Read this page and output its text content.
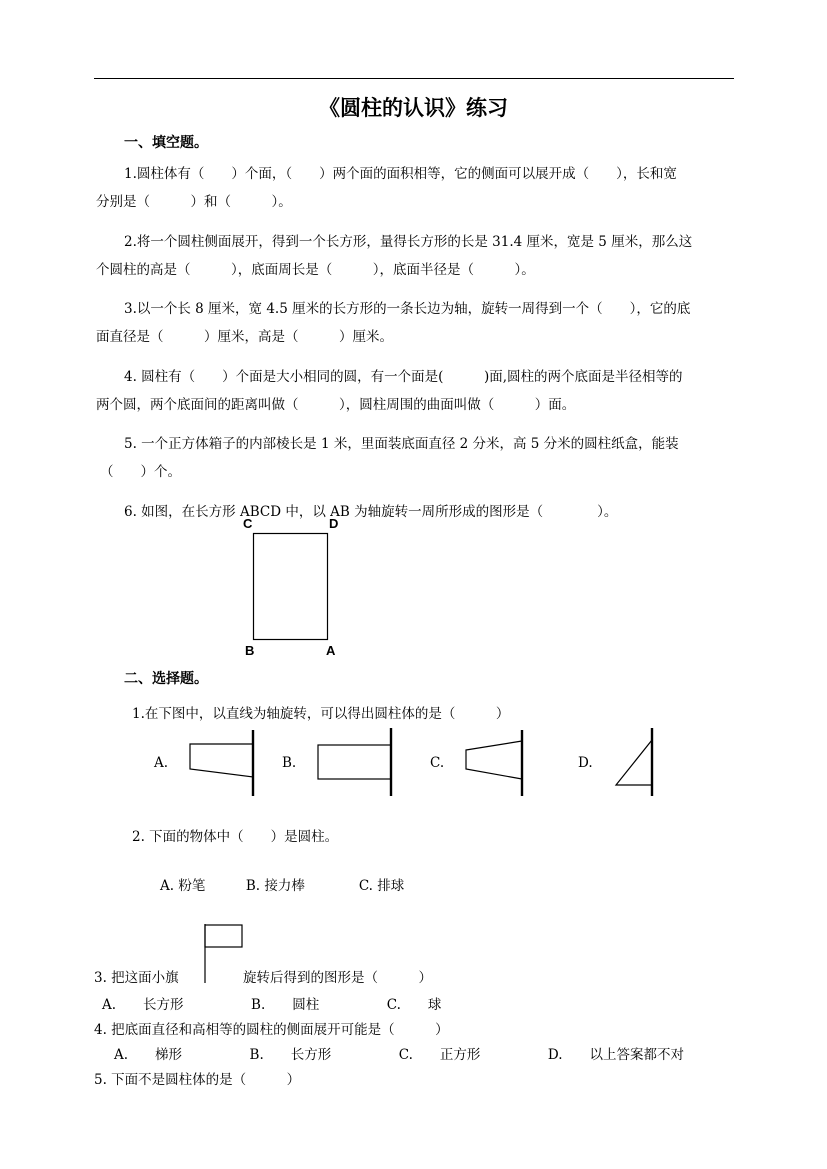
《圆柱的认识》练习
一、填空题。
1.圆柱体有（　　）个面，（　　）两个面的面积相等，它的侧面可以展开成（　　），长和宽
分别是（　　　）和（　　　）。
2.将一个圆柱侧面展开，得到一个长方形，量得长方形的长是 31.4 厘米，宽是 5 厘米，那么这
个圆柱的高是（　　　），底面周长是（　　　），底面半径是（　　　）。
3.以一个长 8 厘米，宽 4.5 厘米的长方形的一条长边为轴，旋转一周得到一个（　　），它的底
面直径是（　　　）厘米，高是（　　　）厘米。
4. 圆柱有（　　）个面是大小相同的圆，有一个面是(　　　)面,圆柱的两个底面是半径相等的
两个圆，两个底面间的距离叫做（　　　），圆柱周围的曲面叫做（　　　）面。
5. 一个正方体箱子的内部棱长是 1 米，里面装底面直径 2 分米，高 5 分米的圆柱纸盒，能装
（　　）个。
6. 如图，在长方形 ABCD 中，以 AB 为轴旋转一周所形成的图形是（　　　　）。
C	D
B	A
二、选择题。
1.在下图中，以直线为轴旋转，可以得出圆柱体的是（　　　）
A.	B.	C.	D.
2. 下面的物体中（　　）是圆柱。
A. 粉笔　　　B. 接力棒　　　　C. 排球
3. 把这面小旗	旋转后得到的图形是（　　　）
A.　　长方形　　　　　B.　　圆柱　　　　　C.　　球
4. 把底面直径和高相等的圆柱的侧面展开可能是（　　　）
A.　　梯形　　　　　B.　　长方形　　　　　C.　　正方形　　　　　D.　　以上答案都不对
5. 下面不是圆柱体的是（　　　）
